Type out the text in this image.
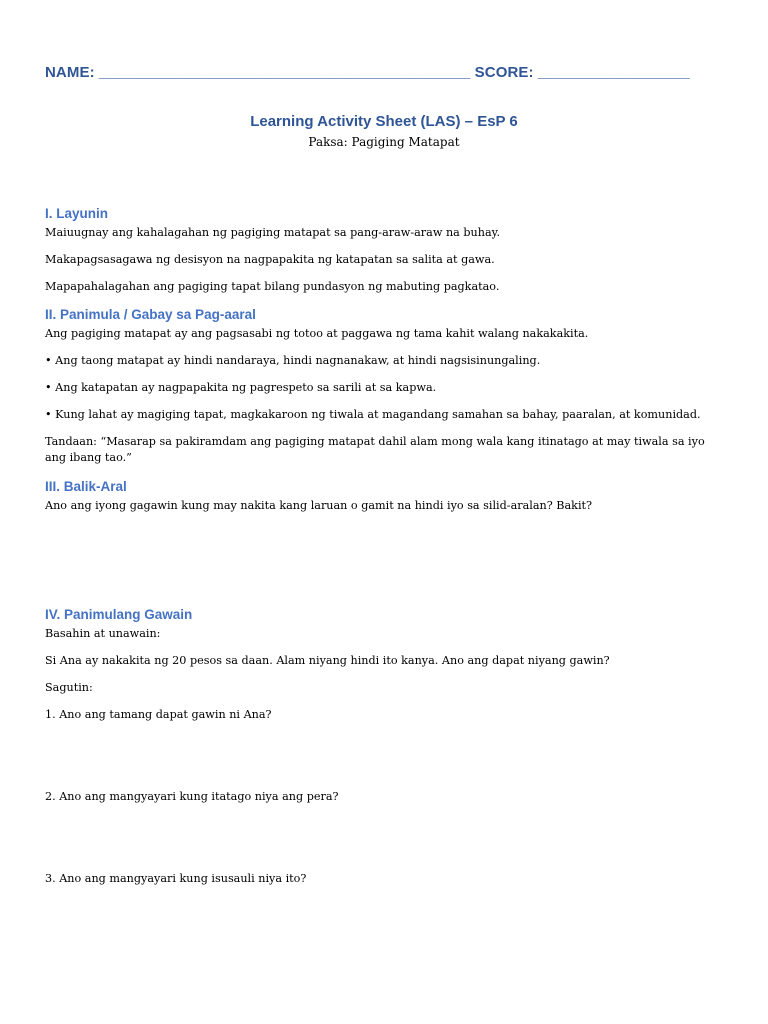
NAME: ____________________________________________ SCORE: __________________
Learning Activity Sheet (LAS) – EsP 6
Paksa: Pagiging Matapat
I. Layunin
Maiuugnay ang kahalagahan ng pagiging matapat sa pang-araw-araw na buhay.
Makapagsasagawa ng desisyon na nagpapakita ng katapatan sa salita at gawa.
Mapapahalagahan ang pagiging tapat bilang pundasyon ng mabuting pagkatao.
II. Panimula / Gabay sa Pag-aaral
Ang pagiging matapat ay ang pagsasabi ng totoo at paggawa ng tama kahit walang nakakakita.
• Ang taong matapat ay hindi nandaraya, hindi nagnanakaw, at hindi nagsisinungaling.
• Ang katapatan ay nagpapakita ng pagrespeto sa sarili at sa kapwa.
• Kung lahat ay magiging tapat, magkakaroon ng tiwala at magandang samahan sa bahay, paaralan, at komunidad.
Tandaan: “Masarap sa pakiramdam ang pagiging matapat dahil alam mong wala kang itinatago at may tiwala sa iyo ang ibang tao.”
III. Balik-Aral
Ano ang iyong gagawin kung may nakita kang laruan o gamit na hindi iyo sa silid-aralan? Bakit?
IV. Panimulang Gawain
Basahin at unawain:
Si Ana ay nakakita ng 20 pesos sa daan. Alam niyang hindi ito kanya. Ano ang dapat niyang gawin?
Sagutin:
1. Ano ang tamang dapat gawin ni Ana?
2. Ano ang mangyayari kung itatago niya ang pera?
3. Ano ang mangyayari kung isusauli niya ito?
